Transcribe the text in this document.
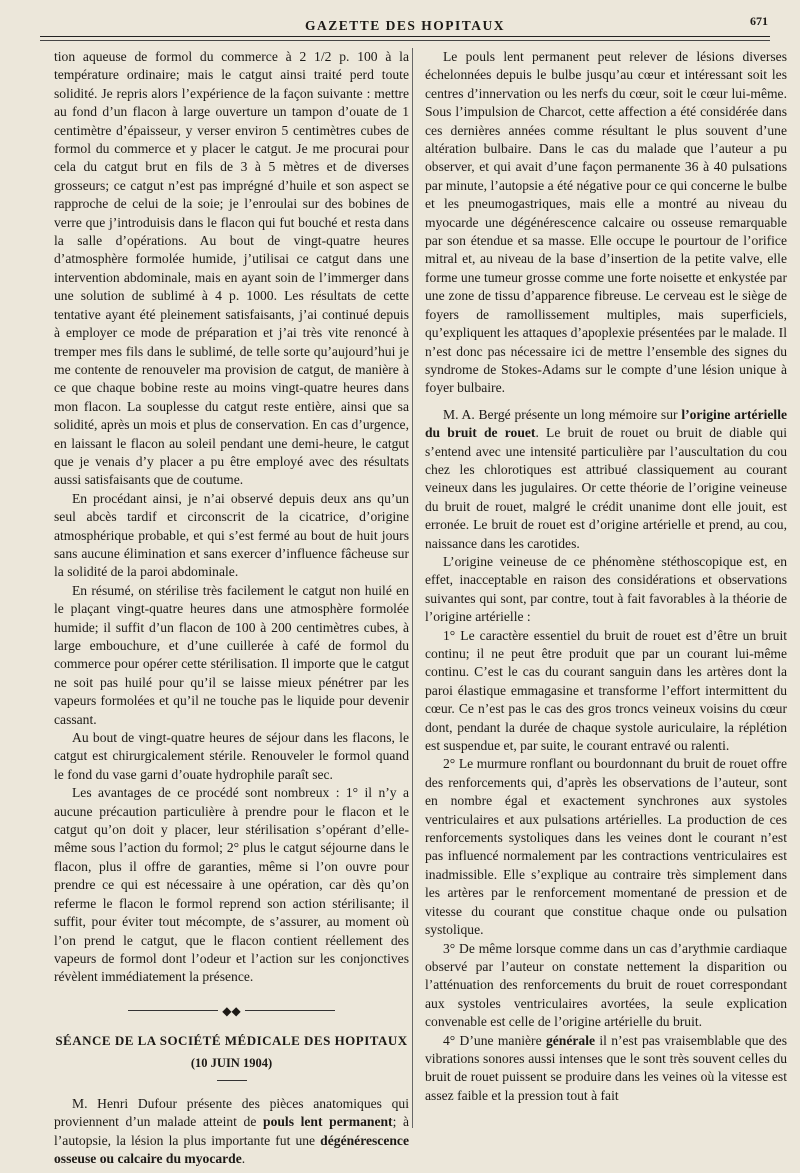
GAZETTE DES HOPITAUX	671

tion aqueuse de formol du commerce à 2 1/2 p. 100 à la température ordinaire; mais le catgut ainsi traité perd toute solidité. Je repris alors l’expérience de la façon suivante : mettre au fond d’un flacon à large ouverture un tampon d’ouate de 1 centimètre d’épaisseur, y verser environ 5 centimètres cubes de formol du commerce et y placer le catgut. Je me procurai pour cela du catgut brut en fils de 3 à 5 mètres et de diverses grosseurs; ce catgut n’est pas imprégné d’huile et son aspect se rapproche de celui de la soie; je l’enroulai sur des bobines de verre que j’introduisis dans le flacon qui fut bouché et resta dans la salle d’opérations. Au bout de vingt-quatre heures d’atmosphère formolée humide, j’utilisai ce catgut dans une intervention abdominale, mais en ayant soin de l’immerger dans une solution de sublimé à 4 p. 1000. Les résultats de cette tentative ayant été pleinement satisfaisants, j’ai continué depuis à employer ce mode de préparation et j’ai très vite renoncé à tremper mes fils dans le sublimé, de telle sorte qu’aujourd’hui je me contente de renouveler ma provision de catgut, de manière à ce que chaque bobine reste au moins vingt-quatre heures dans mon flacon. La souplesse du catgut reste entière, ainsi que sa solidité, après un mois et plus de conservation. En cas d’urgence, en laissant le flacon au soleil pendant une demi-heure, le catgut que je venais d’y placer a pu être employé avec des résultats aussi satisfaisants que de coutume.

En procédant ainsi, je n’ai observé depuis deux ans qu’un seul abcès tardif et circonscrit de la cicatrice, d’origine atmosphérique probable, et qui s’est fermé au bout de huit jours sans aucune élimination et sans exercer d’influence fâcheuse sur la solidité de la paroi abdominale.

En résumé, on stérilise très facilement le catgut non huilé en le plaçant vingt-quatre heures dans une atmosphère formolée humide; il suffit d’un flacon de 100 à 200 centimètres cubes, à large embouchure, et d’une cuillerée à café de formol du commerce pour opérer cette stérilisation. Il importe que le catgut ne soit pas huilé pour qu’il se laisse mieux pénétrer par les vapeurs formolées et qu’il ne touche pas le liquide pour devenir cassant.

Au bout de vingt-quatre heures de séjour dans les flacons, le catgut est chirurgicalement stérile. Renouveler le formol quand le fond du vase garni d’ouate hydrophile paraît sec.

Les avantages de ce procédé sont nombreux : 1° il n’y a aucune précaution particulière à prendre pour le flacon et le catgut qu’on doit y placer, leur stérilisation s’opérant d’elle-même sous l’action du formol; 2° plus le catgut séjourne dans le flacon, plus il offre de garanties, même si l’on ouvre pour prendre ce qui est nécessaire à une opération, car dès qu’on referme le flacon le formol reprend son action stérilisante; il suffit, pour éviter tout mécompte, de s’assurer, au moment où l’on prend le catgut, que le flacon contient réellement des vapeurs de formol dont l’odeur et l’action sur les conjonctives révèlent immédiatement la présence.

◆◆
SÉANCE DE LA SOCIÉTÉ MÉDICALE DES HOPITAUX
(10 JUIN 1904)

M. Henri Dufour présente des pièces anatomiques qui proviennent d’un malade atteint de pouls lent permanent; à l’autopsie, la lésion la plus importante fut une dégénérescence osseuse ou calcaire du myocarde.

Le pouls lent permanent peut relever de lésions diverses échelonnées depuis le bulbe jusqu’au cœur et intéressant soit les centres d’innervation ou les nerfs du cœur, soit le cœur lui-même. Sous l’impulsion de Charcot, cette affection a été considérée dans ces dernières années comme résultant le plus souvent d’une altération bulbaire. Dans le cas du malade que l’auteur a pu observer, et qui avait d’une façon permanente 36 à 40 pulsations par minute, l’autopsie a été négative pour ce qui concerne le bulbe et les pneumogastriques, mais elle a montré au niveau du myocarde une dégénérescence calcaire ou osseuse remarquable par son étendue et sa masse. Elle occupe le pourtour de l’orifice mitral et, au niveau de la base d’insertion de la petite valve, elle forme une tumeur grosse comme une forte noisette et enkystée par une zone de tissu d’apparence fibreuse. Le cerveau est le siège de foyers de ramollissement multiples, mais superficiels, qu’expliquent les attaques d’apoplexie présentées par le malade. Il n’est donc pas nécessaire ici de mettre l’ensemble des signes du syndrome de Stokes-Adams sur le compte d’une lésion unique à foyer bulbaire.

M. A. Bergé présente un long mémoire sur l’origine artérielle du bruit de rouet. Le bruit de rouet ou bruit de diable qui s’entend avec une intensité particulière par l’auscultation du cou chez les chlorotiques est attribué classiquement au courant veineux dans les jugulaires. Or cette théorie de l’origine veineuse du bruit de rouet, malgré le crédit unanime dont elle jouit, est erronée. Le bruit de rouet est d’origine artérielle et prend, au cou, naissance dans les carotides.

L’origine veineuse de ce phénomène stéthoscopique est, en effet, inacceptable en raison des considérations et observations suivantes qui sont, par contre, tout à fait favorables à la théorie de l’origine artérielle :

1° Le caractère essentiel du bruit de rouet est d’être un bruit continu; il ne peut être produit que par un courant lui-même continu. C’est le cas du courant sanguin dans les artères dont la paroi élastique emmagasine et transforme l’effort intermittent du cœur. Ce n’est pas le cas des gros troncs veineux voisins du cœur dont, pendant la durée de chaque systole auriculaire, la réplétion est suspendue et, par suite, le courant entravé ou ralenti.

2° Le murmure ronflant ou bourdonnant du bruit de rouet offre des renforcements qui, d’après les observations de l’auteur, sont en nombre égal et exactement synchrones aux systoles ventriculaires et aux pulsations artérielles. La production de ces renforcements systoliques dans les veines dont le courant n’est pas influencé normalement par les contractions ventriculaires est inadmissible. Elle s’explique au contraire très simplement dans les artères par le renforcement momentané de pression et de vitesse du courant que constitue chaque onde ou pulsation systolique.

3° De même lorsque comme dans un cas d’arythmie cardiaque observé par l’auteur on constate nettement la disparition ou l’atténuation des renforcements du bruit de rouet correspondant aux systoles ventriculaires avortées, la seule explication convenable est celle de l’origine artérielle du bruit.

4° D’une manière générale il n’est pas vraisemblable que des vibrations sonores aussi intenses que le sont très souvent celles du bruit de rouet puissent se produire dans les veines où la vitesse est assez faible et la pression tout à fait
